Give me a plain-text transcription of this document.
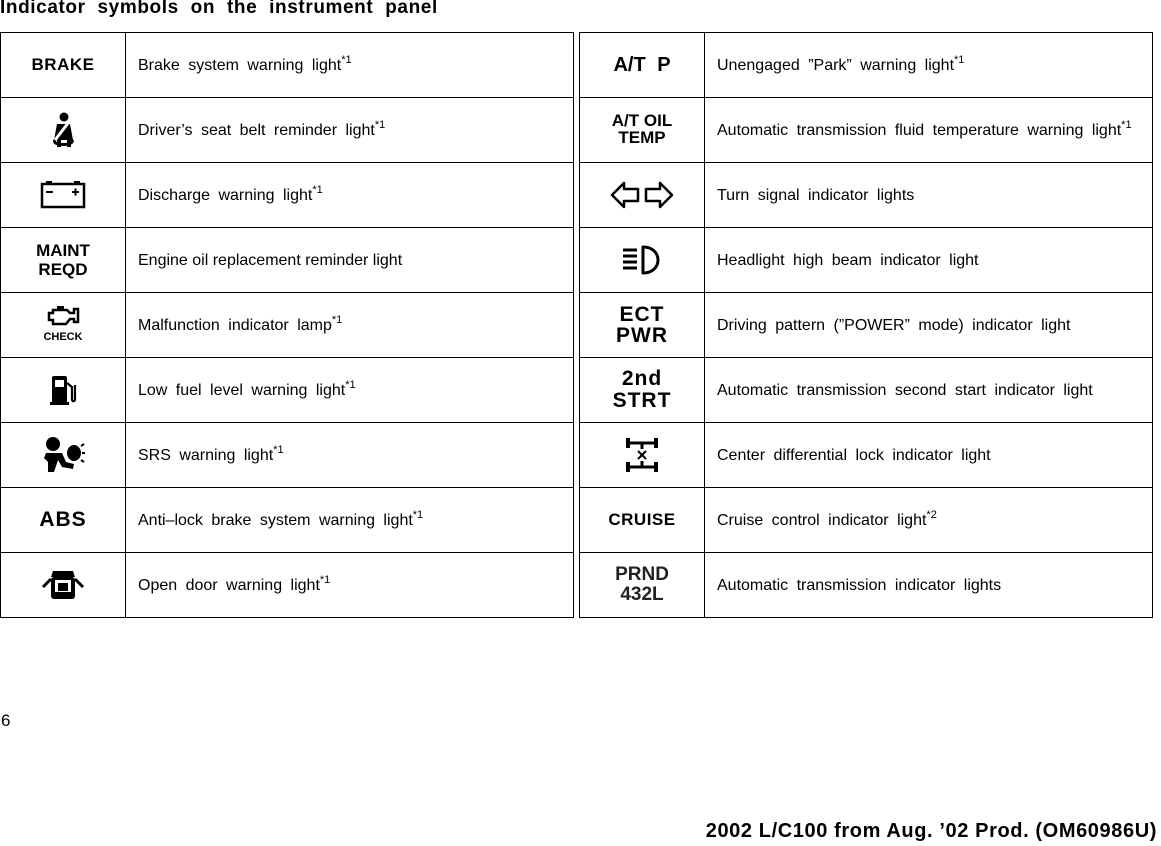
Indicator symbols on the instrument panel
BRAKE	Brake system warning light$^{*1}$

	Driver’s seat belt reminder light$^{*1}$

	Discharge warning light$^{*1}$
MAINT
REQD	Engine oil replacement reminder light

CHECK	Malfunction indicator lamp$^{*1}$

	Low fuel level warning light$^{*1}$

	SRS warning light$^{*1}$
ABS	Anti–lock brake system warning light$^{*1}$

	Open door warning light$^{*1}$
A/T P	Unengaged ”Park” warning light$^{*1}$
A/T OIL
TEMP	Automatic transmission fluid temperature warning light$^{*1}$

	Turn signal indicator lights

	Headlight high beam indicator light
ECT
PWR	Driving pattern (”POWER” mode) indicator light
2nd
STRT	Automatic transmission second start indicator light

	Center differential lock indicator light
CRUISE	Cruise control indicator light$^{*2}$
PRND
432L	Automatic transmission indicator lights
6
2002 L/C100 from Aug. ’02 Prod. (OM60986U)
